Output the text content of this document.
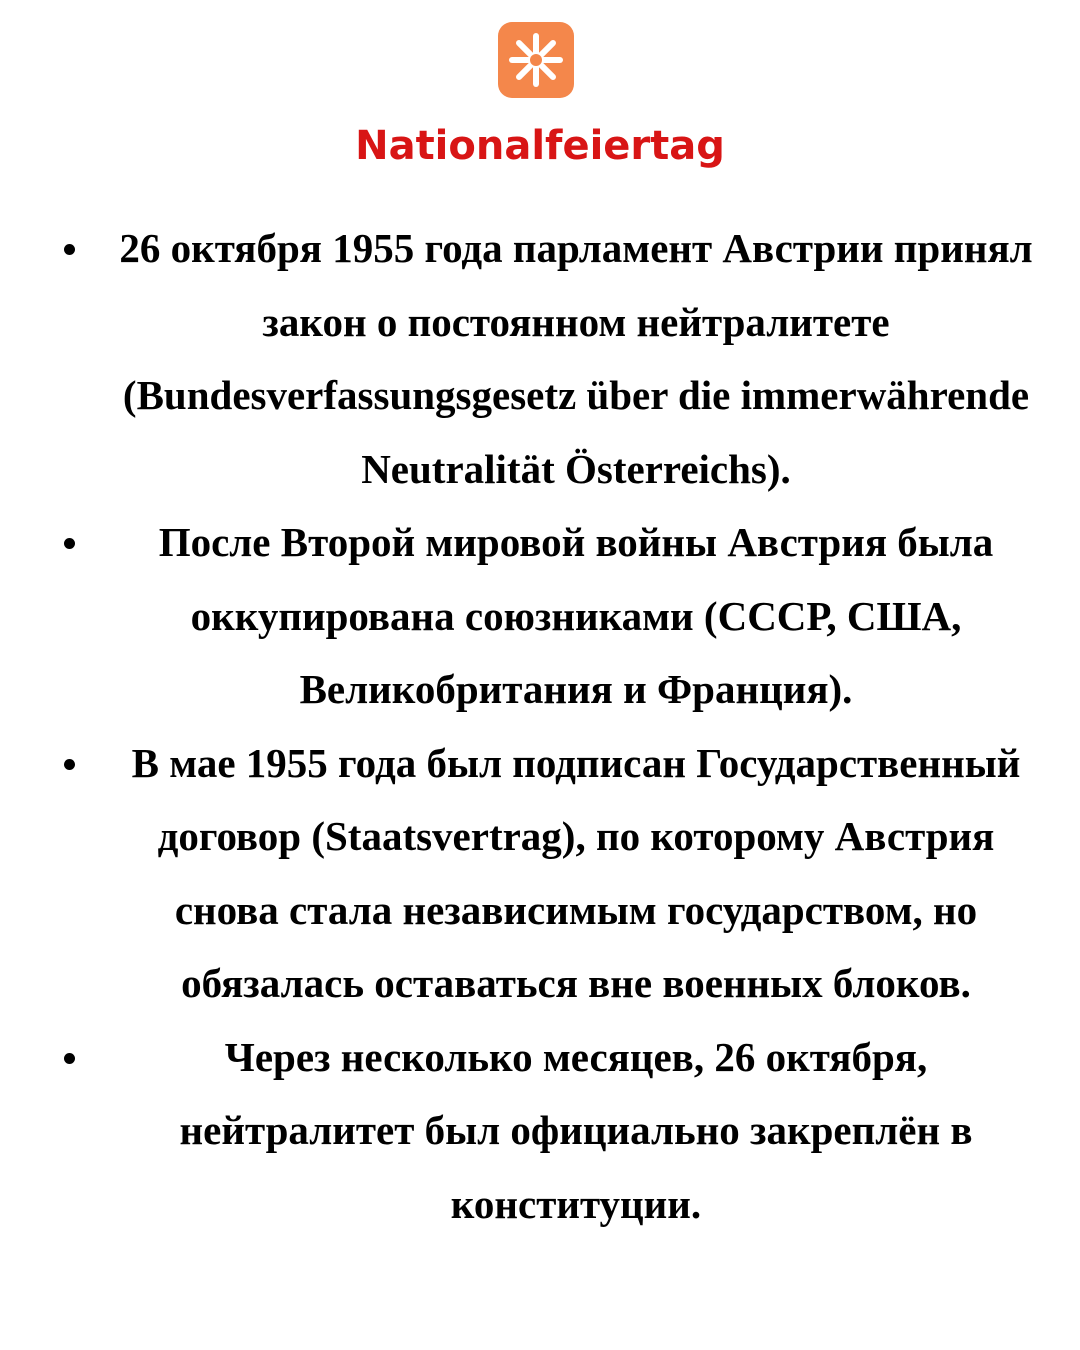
Nationalfeiertag
26 октября 1955 года парламент Австрии принял закон о постоянном нейтралитете (Bundesverfassungsgesetz über die immerwährende Neutralität Österreichs).
После Второй мировой войны Австрия была оккупирована союзниками (СССР, США, Великобритания и Франция).
В мае 1955 года был подписан Государственный договор (Staatsvertrag), по которому Австрия снова стала независимым государством, но обязалась оставаться вне военных блоков.
Через несколько месяцев, 26 октября, нейтралитет был официально закреплён в конституции.
